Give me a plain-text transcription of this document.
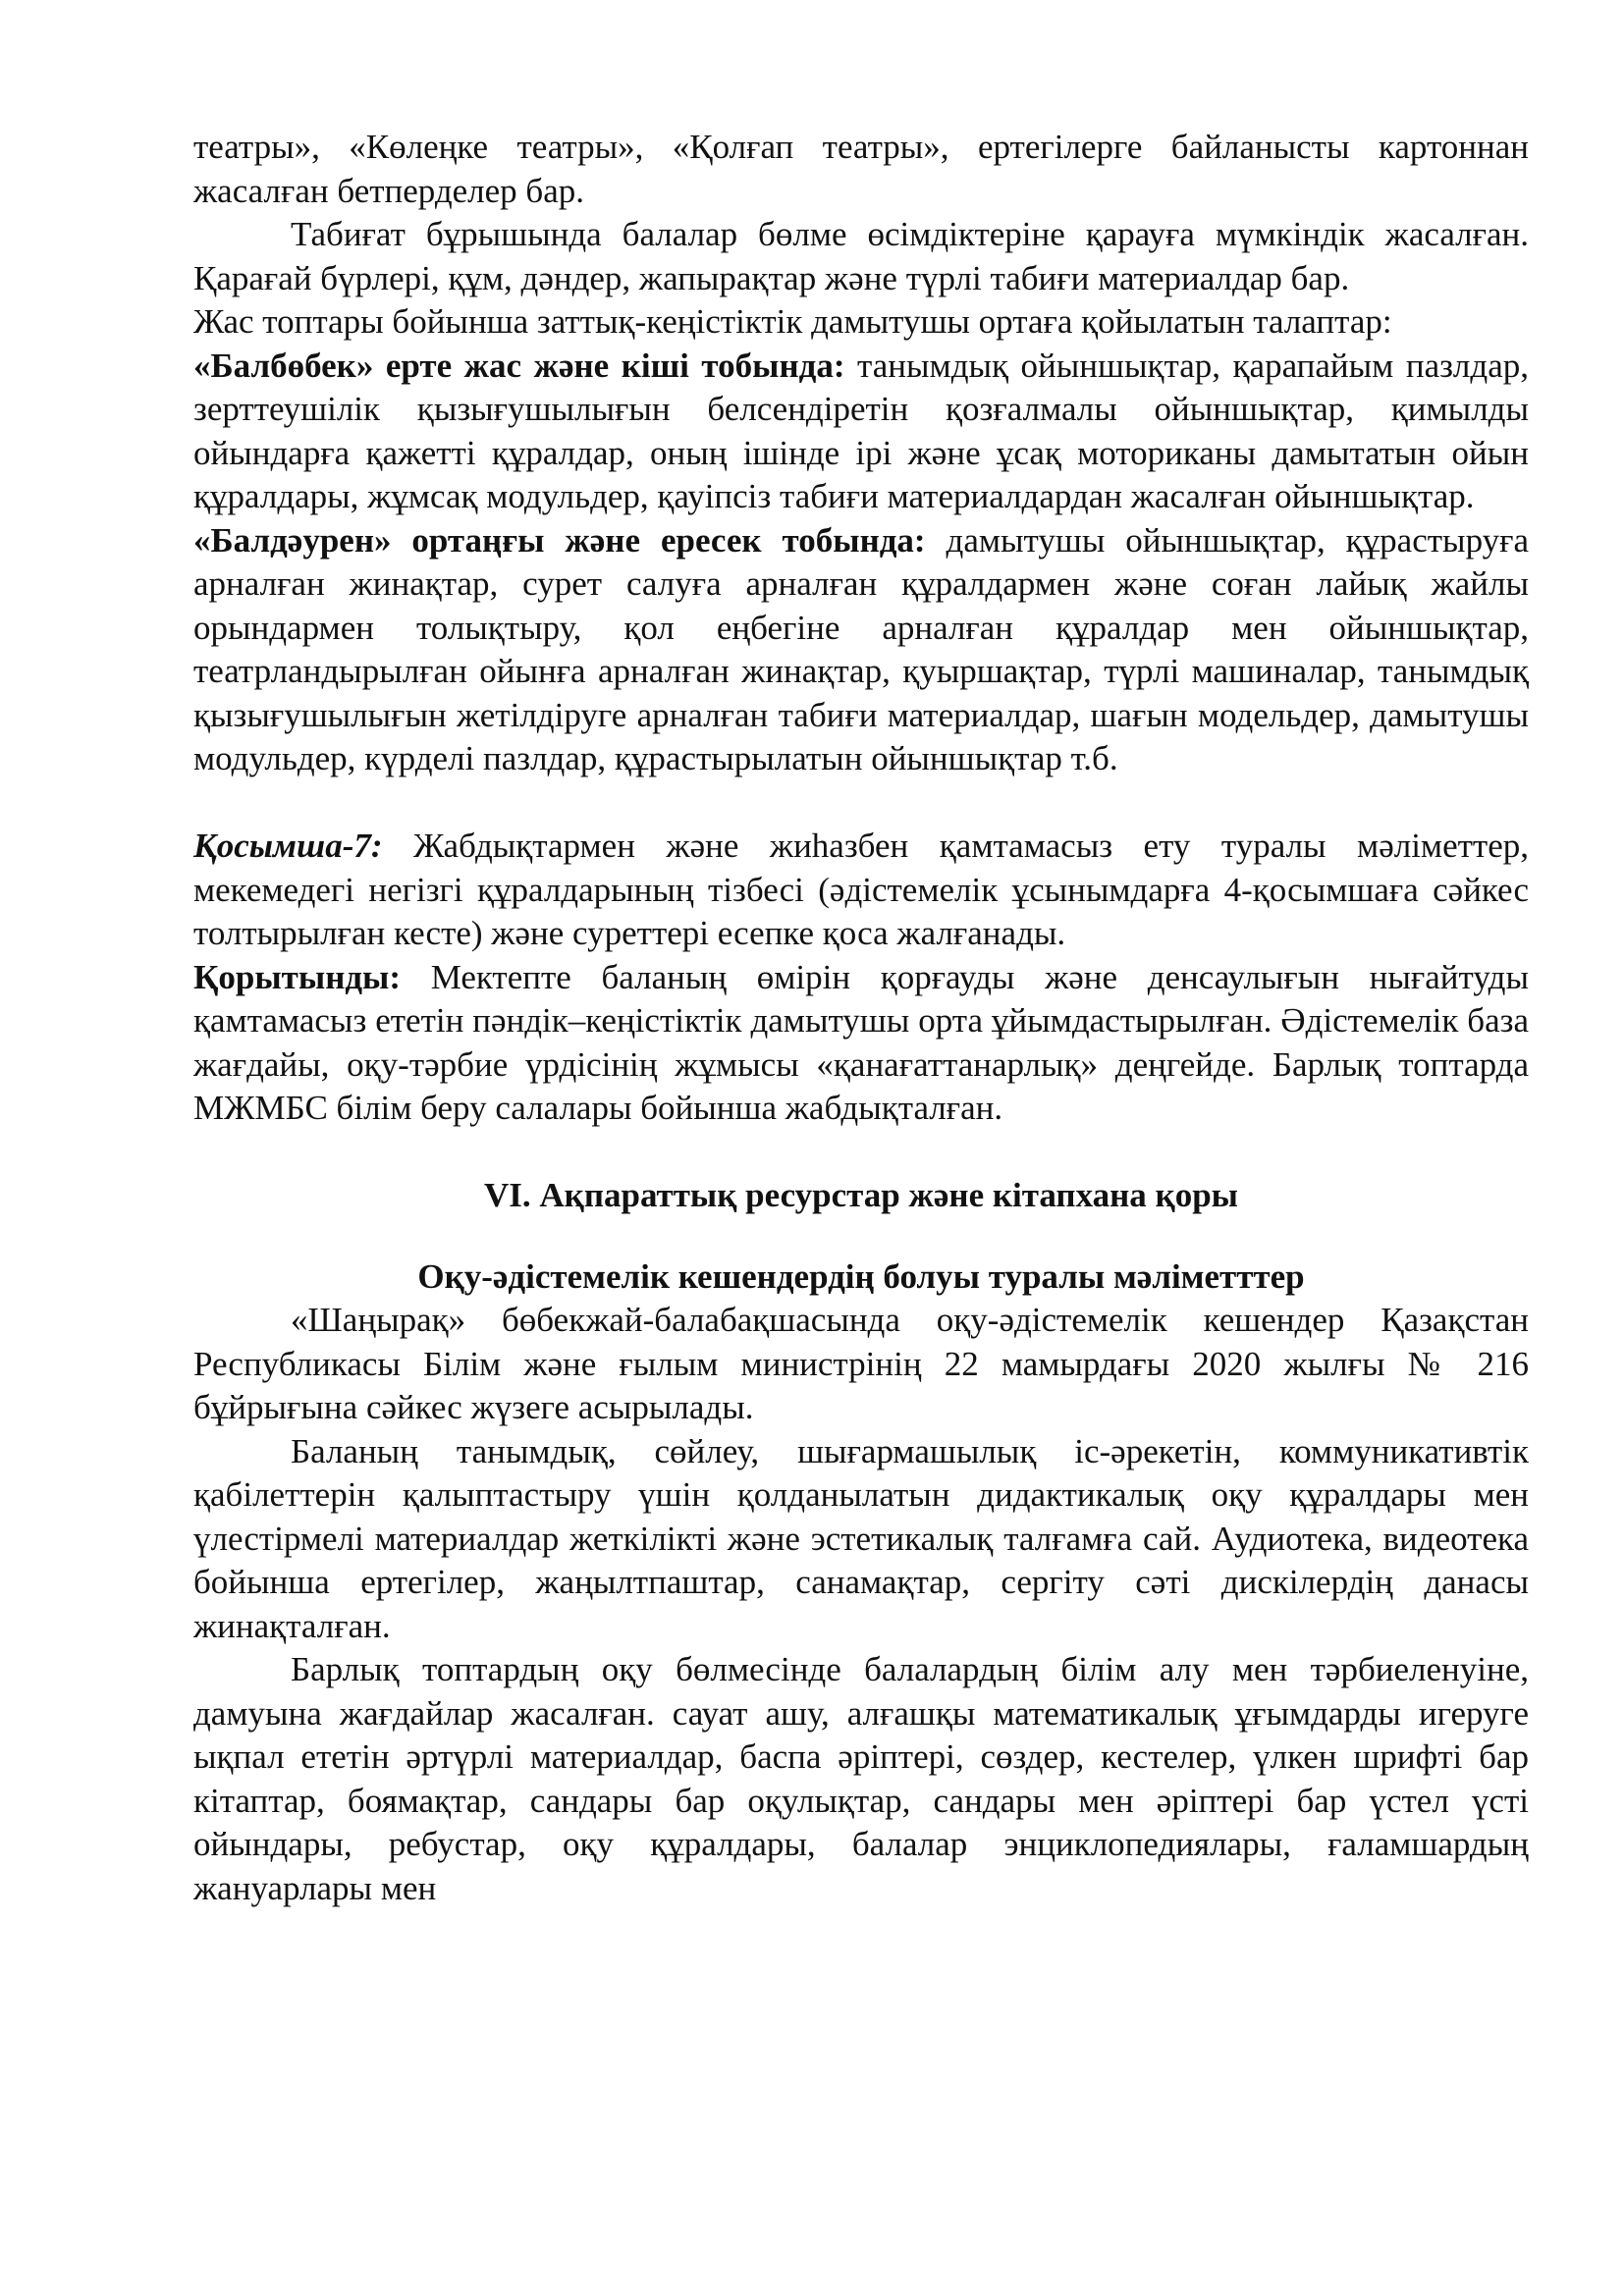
театры», «Көлеңке театры», «Қолғап театры», ертегілерге байланысты картоннан жасалған бетперделер бар.

Табиғат бұрышында балалар бөлме өсімдіктеріне қарауға мүмкіндік жасалған. Қарағай бүрлері, құм, дәндер, жапырақтар және түрлі табиғи материалдар бар.

Жас топтары бойынша заттық-кеңістіктік дамытушы ортаға қойылатын талаптар:

«Балбөбек» ерте жас және кіші тобында: танымдық ойыншықтар, қарапайым пазлдар, зерттеушілік қызығушылығын белсендіретін қозғалмалы ойыншықтар, қимылды ойындарға қажетті құралдар, оның ішінде ірі және ұсақ моториканы дамытатын ойын құралдары, жұмсақ модульдер, қауіпсіз табиғи материалдардан жасалған ойыншықтар.

«Балдәурен» ортаңғы және ересек тобында: дамытушы ойыншықтар, құрастыруға арналған жинақтар, сурет салуға арналған құралдармен және соған лайық жайлы орындармен толықтыру, қол еңбегіне арналған құралдар мен ойыншықтар, театрландырылған ойынға арналған жинақтар, қуыршақтар, түрлі машиналар, танымдық қызығушылығын жетілдіруге арналған табиғи материалдар, шағын модельдер, дамытушы модульдер, күрделі пазлдар, құрастырылатын ойыншықтар т.б.

Қосымша-7: Жабдықтармен және жиһазбен қамтамасыз ету туралы мәліметтер, мекемедегі негізгі құралдарының тізбесі (әдістемелік ұсынымдарға 4-қосымшаға сәйкес толтырылған кесте) және суреттері есепке қоса жалғанады.

Қорытынды: Мектепте баланың өмірін қорғауды және денсаулығын нығайтуды қамтамасыз ететін пәндік–кеңістіктік дамытушы орта ұйымдастырылған. Әдістемелік база жағдайы, оқу-тәрбие үрдісінің жұмысы «қанағаттанарлық» деңгейде. Барлық топтарда МЖМБС білім беру салалары бойынша жабдықталған.

VI. Ақпараттық ресурстар және кітапхана қоры

Оқу-әдістемелік кешендердің болуы туралы мәліметттер

«Шаңырақ» бөбекжай-балабақшасында оқу-әдістемелік кешендер Қазақстан Республикасы Білім және ғылым министрінің 22 мамырдағы 2020 жылғы № 216 бұйрығына сәйкес жүзеге асырылады.

Баланың танымдық, сөйлеу, шығармашылық іс-әрекетін, коммуникативтік қабілеттерін қалыптастыру үшін қолданылатын дидактикалық оқу құралдары мен үлестірмелі материалдар жеткілікті және эстетикалық талғамға сай. Аудиотека, видеотека бойынша ертегілер, жаңылтпаштар, санамақтар, сергіту сәті дискілердің данасы жинақталған.

Барлық топтардың оқу бөлмесінде балалардың білім алу мен тәрбиеленуіне, дамуына жағдайлар жасалған. сауат ашу, алғашқы математикалық ұғымдарды игеруге ықпал ететін әртүрлі материалдар, баспа әріптері, сөздер, кестелер, үлкен шрифті бар кітаптар, боямақтар, сандары бар оқулықтар, сандары мен әріптері бар үстел үсті ойындары, ребустар, оқу құралдары, балалар энциклопедиялары, ғаламшардың жануарлары мен
